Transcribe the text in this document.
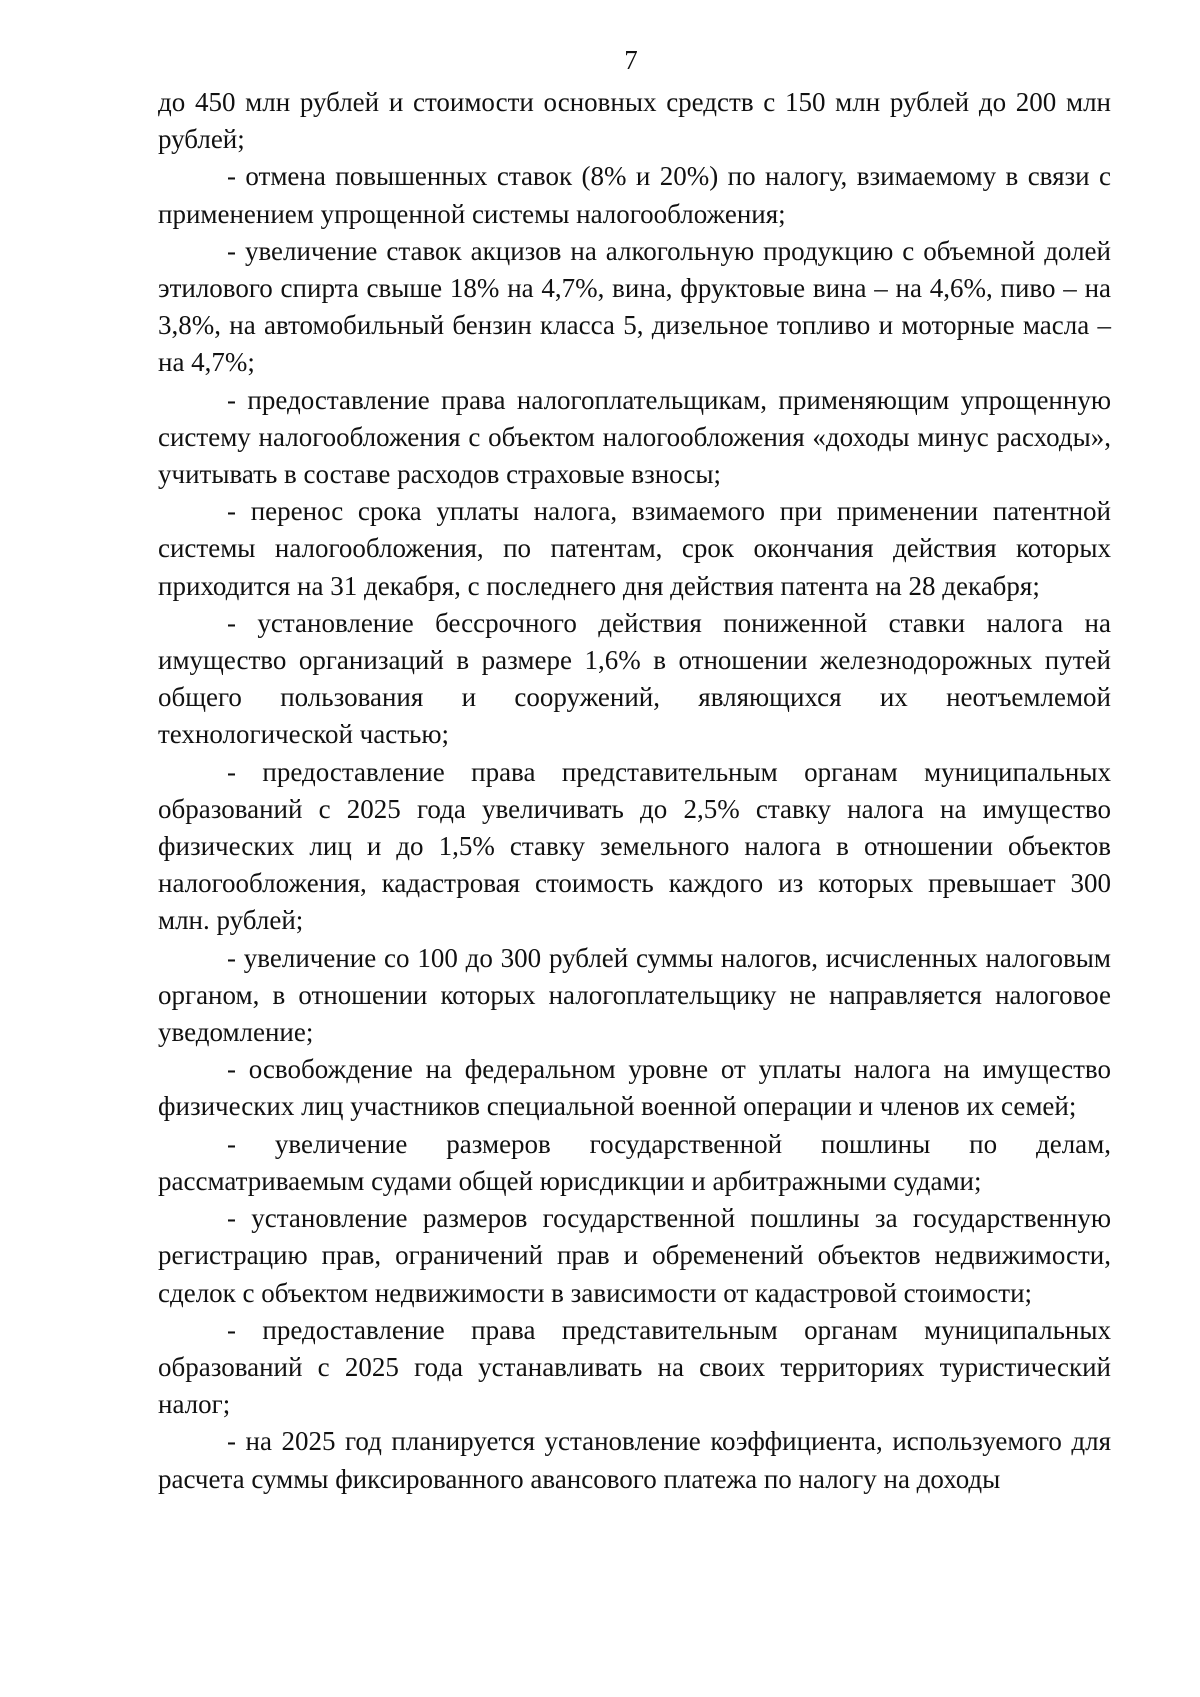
7

до 450 млн рублей и стоимости основных средств с 150 млн рублей до 200 млн рублей;

- отмена повышенных ставок (8% и 20%) по налогу, взимаемому в связи с применением упрощенной системы налогообложения;

- увеличение ставок акцизов на алкогольную продукцию с объемной долей этилового спирта свыше 18% на 4,7%, вина, фруктовые вина – на 4,6%, пиво – на 3,8%, на автомобильный бензин класса 5, дизельное топливо и моторные масла – на 4,7%;

- предоставление права налогоплательщикам, применяющим упрощенную систему налогообложения с объектом налогообложения «доходы минус расходы», учитывать в составе расходов страховые взносы;

- перенос срока уплаты налога, взимаемого при применении патентной системы налогообложения, по патентам, срок окончания действия которых приходится на 31 декабря, с последнего дня действия патента на 28 декабря;

- установление бессрочного действия пониженной ставки налога на имущество организаций в размере 1,6% в отношении железнодорожных путей общего пользования и сооружений, являющихся их неотъемлемой технологической частью;

- предоставление права представительным органам муниципальных образований с 2025 года увеличивать до 2,5% ставку налога на имущество физических лиц и до 1,5% ставку земельного налога в отношении объектов налогообложения, кадастровая стоимость каждого из которых превышает 300 млн. рублей;

- увеличение со 100 до 300 рублей суммы налогов, исчисленных налоговым органом, в отношении которых налогоплательщику не направляется налоговое уведомление;

- освобождение на федеральном уровне от уплаты налога на имущество физических лиц участников специальной военной операции и членов их семей;

- увеличение размеров государственной пошлины по делам, рассматриваемым судами общей юрисдикции и арбитражными судами;

- установление размеров государственной пошлины за государственную регистрацию прав, ограничений прав и обременений объектов недвижимости, сделок с объектом недвижимости в зависимости от кадастровой стоимости;

- предоставление права представительным органам муниципальных образований с 2025 года устанавливать на своих территориях туристический налог;

- на 2025 год планируется установление коэффициента, используемого для расчета суммы фиксированного авансового платежа по налогу на доходы
